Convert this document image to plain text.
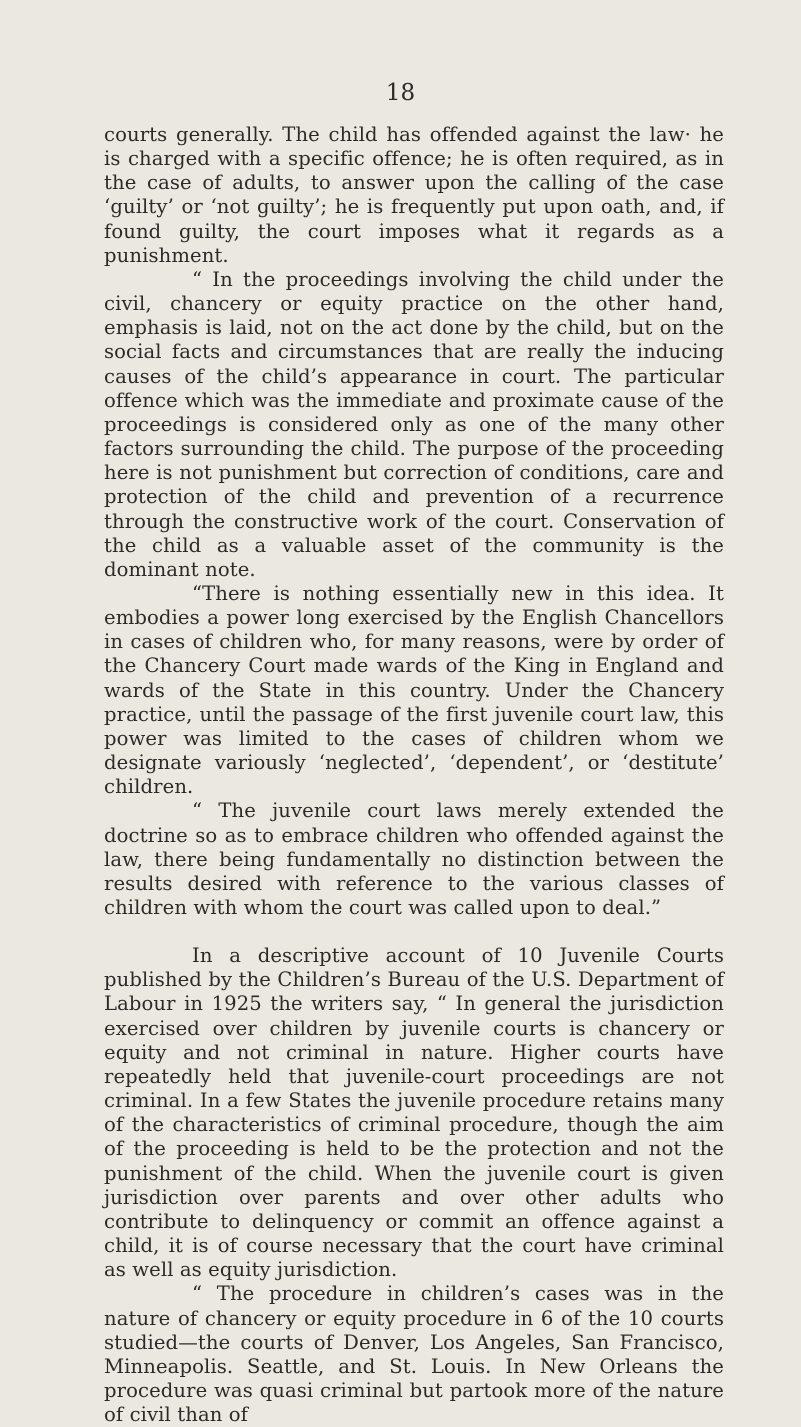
18

courts generally. The child has offended against the law· he is charged with a specific offence; he is often required, as in the case of adults, to answer upon the calling of the case ‘guilty’ or ‘not guilty’; he is frequently put upon oath, and, if found guilty, the court imposes what it regards as a punishment.

“ In the proceedings involving the child under the civil, chancery or equity practice on the other hand, emphasis is laid, not on the act done by the child, but on the social facts and circumstances that are really the inducing causes of the child’s appearance in court. The particular offence which was the immediate and proximate cause of the proceedings is considered only as one of the many other factors surrounding the child. The purpose of the proceeding here is not punishment but correction of conditions, care and protection of the child and prevention of a recurrence through the constructive work of the court. Conservation of the child as a valuable asset of the community is the dominant note.

“There is nothing essentially new in this idea. It embodies a power long exercised by the English Chancellors in cases of children who, for many reasons, were by order of the Chancery Court made wards of the King in England and wards of the State in this country. Under the Chancery practice, until the passage of the first juvenile court law, this power was limited to the cases of children whom we designate variously ‘neglected’, ‘dependent’, or ‘destitute’ children.

“ The juvenile court laws merely extended the doctrine so as to embrace children who offended against the law, there being fundamentally no distinction between the results desired with reference to the various classes of children with whom the court was called upon to deal.”

In a descriptive account of 10 Juvenile Courts published by the Children’s Bureau of the U.S. Department of Labour in 1925 the writers say, “ In general the jurisdiction exercised over children by juvenile courts is chancery or equity and not criminal in nature. Higher courts have repeatedly held that juvenile-court proceedings are not criminal. In a few States the juvenile procedure retains many of the characteristics of criminal procedure, though the aim of the proceeding is held to be the protection and not the punishment of the child. When the juvenile court is given jurisdiction over parents and over other adults who contribute to delinquency or commit an offence against a child, it is of course necessary that the court have criminal as well as equity jurisdiction.

“ The procedure in children’s cases was in the nature of chancery or equity procedure in 6 of the 10 courts studied—the courts of Denver, Los Angeles, San Francisco, Minneapolis. Seattle, and St. Louis. In New Orleans the procedure was quasi criminal but partook more of the nature of civil than of
